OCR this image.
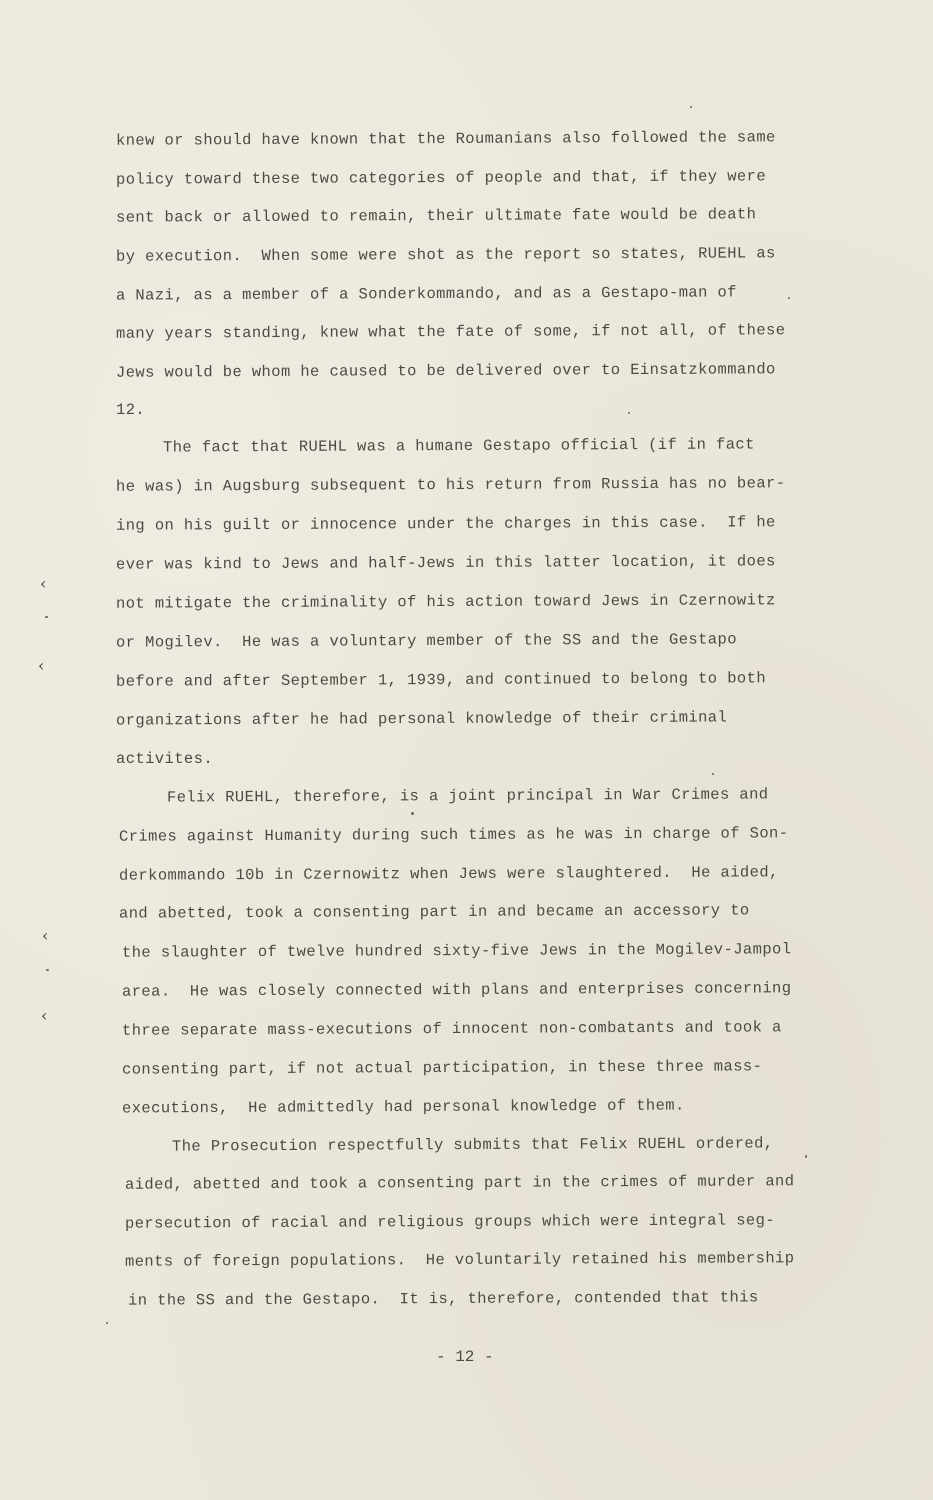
knew or should have known that the Roumanians also followed the same

policy toward these two categories of people and that, if they were

sent back or allowed to remain, their ultimate fate would be death

by execution.  When some were shot as the report so states, RUEHL as

a Nazi, as a member of a Sonderkommando, and as a Gestapo-man of

many years standing, knew what the fate of some, if not all, of these

Jews would be whom he caused to be delivered over to Einsatzkommando

12.

The fact that RUEHL was a humane Gestapo official (if in fact

he was) in Augsburg subsequent to his return from Russia has no bear-

ing on his guilt or innocence under the charges in this case.  If he

ever was kind to Jews and half-Jews in this latter location, it does

not mitigate the criminality of his action toward Jews in Czernowitz

or Mogilev.  He was a voluntary member of the SS and the Gestapo

before and after September 1, 1939, and continued to belong to both

organizations after he had personal knowledge of their criminal

activites.

Felix RUEHL, therefore, is a joint principal in War Crimes and

Crimes against Humanity during such times as he was in charge of Son-

derkommando 10b in Czernowitz when Jews were slaughtered.  He aided,

and abetted, took a consenting part in and became an accessory to

the slaughter of twelve hundred sixty-five Jews in the Mogilev-Jampol

area.  He was closely connected with plans and enterprises concerning

three separate mass-executions of innocent non-combatants and took a

consenting part, if not actual participation, in these three mass-

executions,  He admittedly had personal knowledge of them.

The Prosecution respectfully submits that Felix RUEHL ordered,

aided, abetted and took a consenting part in the crimes of murder and

persecution of racial and religious groups which were integral seg-

ments of foreign populations.  He voluntarily retained his membership

in the SS and the Gestapo.  It is, therefore, contended that this

- 12 -
‹
‹
‹
‹
